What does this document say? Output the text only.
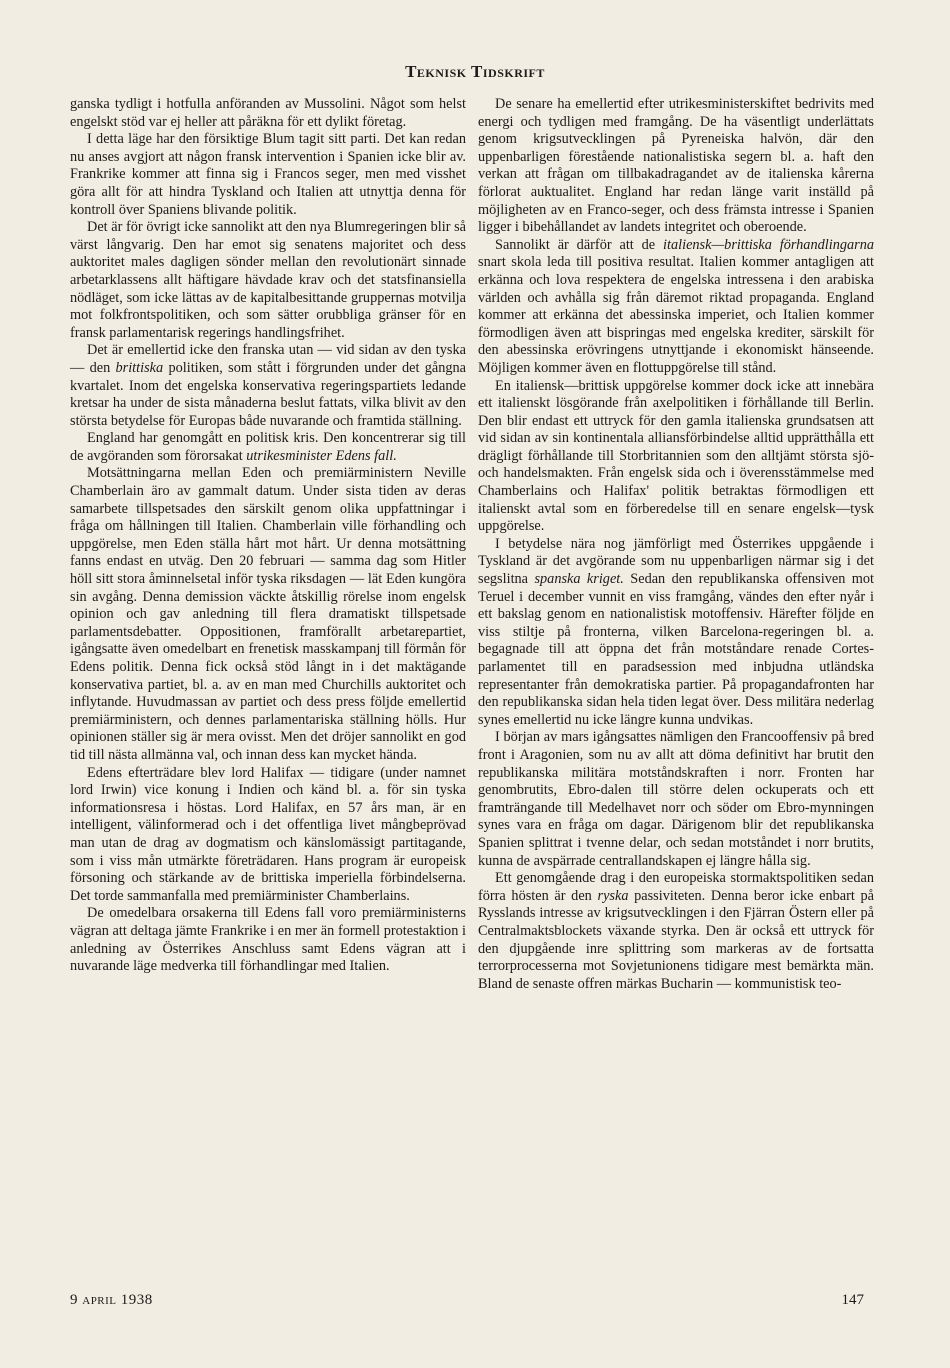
Teknisk Tidskrift

ganska tydligt i hotfulla anföranden av Mussolini. Något som helst engelskt stöd var ej heller att påräkna för ett dylikt företag.

I detta läge har den försiktige Blum tagit sitt parti. Det kan redan nu anses avgjort att någon fransk intervention i Spanien icke blir av. Frankrike kommer att finna sig i Francos seger, men med visshet göra allt för att hindra Tyskland och Italien att utnyttja denna för kontroll över Spaniens blivande politik.

Det är för övrigt icke sannolikt att den nya Blumregeringen blir så värst långvarig. Den har emot sig senatens majoritet och dess auktoritet males dagligen sönder mellan den revolutionärt sinnade arbetarklassens allt häftigare hävdade krav och det statsfinansiella nödläget, som icke lättas av de kapitalbesittande gruppernas motvilja mot folkfrontspolitiken, och som sätter orubbliga gränser för en fransk parlamentarisk regerings handlingsfrihet.

Det är emellertid icke den franska utan — vid sidan av den tyska — den brittiska politiken, som stått i förgrunden under det gångna kvartalet. Inom det engelska konservativa regeringspartiets ledande kretsar ha under de sista månaderna beslut fattats, vilka blivit av den största betydelse för Europas både nuvarande och framtida ställning.

England har genomgått en politisk kris. Den koncentrerar sig till de avgöranden som förorsakat utrikesminister Edens fall.

Motsättningarna mellan Eden och premiärministern Neville Chamberlain äro av gammalt datum. Under sista tiden av deras samarbete tillspetsades den särskilt genom olika uppfattningar i fråga om hållningen till Italien. Chamberlain ville förhandling och uppgörelse, men Eden ställa hårt mot hårt. Ur denna motsättning fanns endast en utväg. Den 20 februari — samma dag som Hitler höll sitt stora åminnelsetal inför tyska riksdagen — lät Eden kungöra sin avgång. Denna demission väckte åtskillig rörelse inom engelsk opinion och gav anledning till flera dramatiskt tillspetsade parlamentsdebatter. Oppositionen, framförallt arbetarepartiet, igångsatte även omedelbart en frenetisk masskampanj till förmån för Edens politik. Denna fick också stöd långt in i det maktägande konservativa partiet, bl. a. av en man med Churchills auktoritet och inflytande. Huvudmassan av partiet och dess press följde emellertid premiärministern, och dennes parlamentariska ställning hölls. Hur opinionen ställer sig är mera ovisst. Men det dröjer sannolikt en god tid till nästa allmänna val, och innan dess kan mycket hända.

Edens efterträdare blev lord Halifax — tidigare (under namnet lord Irwin) vice konung i Indien och känd bl. a. för sin tyska informationsresa i höstas. Lord Halifax, en 57 års man, är en intelligent, välinformerad och i det offentliga livet mångbeprövad man utan de drag av dogmatism och känslomässigt partitagande, som i viss mån utmärkte företrädaren. Hans program är europeisk försoning och stärkande av de brittiska imperiella förbindelserna. Det torde sammanfalla med premiärminister Chamberlains.

De omedelbara orsakerna till Edens fall voro premiärministerns vägran att deltaga jämte Frankrike i en mer än formell protestaktion i anledning av Österrikes Anschluss samt Edens vägran att i nuvarande läge medverka till förhandlingar med Italien.

De senare ha emellertid efter utrikesministerskiftet bedrivits med energi och tydligen med framgång. De ha väsentligt underlättats genom krigsutvecklingen på Pyreneiska halvön, där den uppenbarligen förestående nationalistiska segern bl. a. haft den verkan att frågan om tillbakadragandet av de italienska kårerna förlorat auktualitet. England har redan länge varit inställd på möjligheten av en Franco-seger, och dess främsta intresse i Spanien ligger i bibehållandet av landets integritet och oberoende.

Sannolikt är därför att de italiensk—brittiska förhandlingarna snart skola leda till positiva resultat. Italien kommer antagligen att erkänna och lova respektera de engelska intressena i den arabiska världen och avhålla sig från däremot riktad propaganda. England kommer att erkänna det abessinska imperiet, och Italien kommer förmodligen även att bispringas med engelska krediter, särskilt för den abessinska erövringens utnyttjande i ekonomiskt hänseende. Möjligen kommer även en flottuppgörelse till stånd.

En italiensk—brittisk uppgörelse kommer dock icke att innebära ett italienskt lösgörande från axelpolitiken i förhållande till Berlin. Den blir endast ett uttryck för den gamla italienska grundsatsen att vid sidan av sin kontinentala alliansförbindelse alltid upprätthålla ett drägligt förhållande till Storbritannien som den alltjämt största sjö- och handelsmakten. Från engelsk sida och i överensstämmelse med Chamberlains och Halifax' politik betraktas förmodligen ett italienskt avtal som en förberedelse till en senare engelsk—tysk uppgörelse.

I betydelse nära nog jämförligt med Österrikes uppgående i Tyskland är det avgörande som nu uppenbarligen närmar sig i det segslitna spanska kriget. Sedan den republikanska offensiven mot Teruel i december vunnit en viss framgång, vändes den efter nyår i ett bakslag genom en nationalistisk motoffensiv. Härefter följde en viss stiltje på fronterna, vilken Barcelona-regeringen bl. a. begagnade till att öppna det från motståndare renade Cortes-parlamentet till en paradsession med inbjudna utländska representanter från demokratiska partier. På propagandafronten har den republikanska sidan hela tiden legat över. Dess militära nederlag synes emellertid nu icke längre kunna undvikas.

I början av mars igångsattes nämligen den Francooffensiv på bred front i Aragonien, som nu av allt att döma definitivt har brutit den republikanska militära motståndskraften i norr. Fronten har genombrutits, Ebro-dalen till större delen ockuperats och ett framträngande till Medelhavet norr och söder om Ebro-mynningen synes vara en fråga om dagar. Därigenom blir det republikanska Spanien splittrat i tvenne delar, och sedan motståndet i norr brutits, kunna de avspärrade centrallandskapen ej längre hålla sig.

Ett genomgående drag i den europeiska stormaktspolitiken sedan förra hösten är den ryska passiviteten. Denna beror icke enbart på Rysslands intresse av krigsutvecklingen i den Fjärran Östern eller på Centralmaktsblockets växande styrka. Den är också ett uttryck för den djupgående inre splittring som markeras av de fortsatta terrorprocesserna mot Sovjetunionens tidigare mest bemärkta män. Bland de senaste offren märkas Bucharin — kommunistisk teo-

9 april 1938	147
